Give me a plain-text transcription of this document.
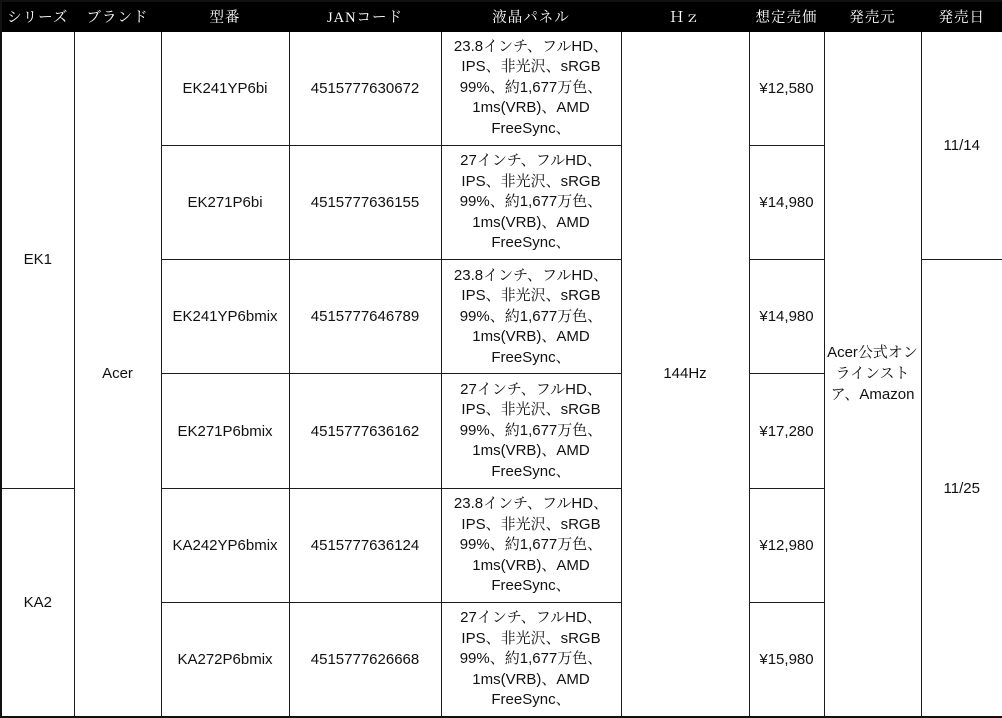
シリーズ	ブランド	型番	JANコード	液晶パネル	Ｈｚ	想定売価	発売元	発売日
EK1	Acer	EK241YP6bi	4515777630672	23.8インチ、フルHD、IPS、非光沢、sRGB 99%、約1,677万色、1ms(VRB)、AMD FreeSync、	144Hz	¥12,580	Acer公式オンラインストア、Amazon	11/14
		EK271P6bi	4515777636155	27インチ、フルHD、IPS、非光沢、sRGB 99%、約1,677万色、1ms(VRB)、AMD FreeSync、		¥14,980		
		EK241YP6bmix	4515777646789	23.8インチ、フルHD、IPS、非光沢、sRGB 99%、約1,677万色、1ms(VRB)、AMD FreeSync、		¥14,980		11/25
		EK271P6bmix	4515777636162	27インチ、フルHD、IPS、非光沢、sRGB 99%、約1,677万色、1ms(VRB)、AMD FreeSync、		¥17,280		
KA2		KA242YP6bmix	4515777636124	23.8インチ、フルHD、IPS、非光沢、sRGB 99%、約1,677万色、1ms(VRB)、AMD FreeSync、		¥12,980		
		KA272P6bmix	4515777626668	27インチ、フルHD、IPS、非光沢、sRGB 99%、約1,677万色、1ms(VRB)、AMD FreeSync、		¥15,980		
